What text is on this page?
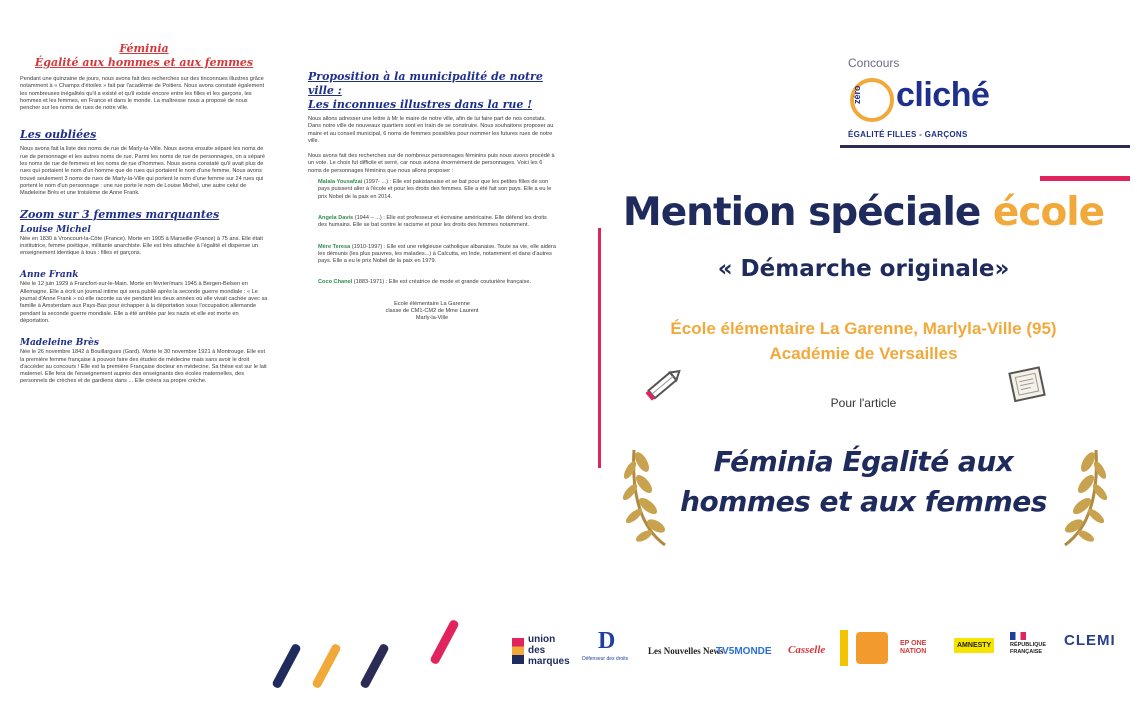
Féminia
Égalité aux hommes et aux femmes

Pendant une quinzaine de jours, nous avons fait des recherches sur des tinconnues illustres grâce notamment à « Champs d'étoiles » fait par l'académie de Poitiers. Nous avons constaté également les nombreuses inégalités qu'il a existé et qu'il existe encore entre les filles et les garçons, les hommes et les femmes, en France et dans le monde. La maîtresse nous a proposé de nous pencher sur les noms de rues de notre ville.

Les oubliées

Nous avons fait la liste des noms de rue de Marly-la-Ville. Nous avons ensuite séparé les noms de rue de personnage et les autres noms de rue. Parmi les noms de rue de personnages, on a séparé les noms de rue de femmes et les noms de rue d'hommes. Nous avons constaté qu'il avait plus de rues qui portaient le nom d'un homme que de rues qui portaient le nom d'une femme. Nous avons trouvé seulement 3 noms de rues de Marly-la-Ville qui portent le nom d'une femme sur 24 rues qui portent le nom d'un personnage : une rue porte le nom de Louise Michel, une autre celui de Madeleine Brès et une troisième de Anne Frank.

Zoom sur 3 femmes marquantes
Louise Michel

Née en 1830 à Vroncourt-la-Côte (France). Morte en 1905 à Marseille (France) à 75 ans. Elle était institutrice, femme poétique, militante anarchiste. Elle est très attachée à l'égalité et dispense un enseignement identique à tous : filles et garçons.

Anne Frank

Née le 12 juin 1929 à Francfort-sur-le-Main. Morte en février/mars 1945 à Bergen-Belsen en Allemagne. Elle a écrit un journal intime qui sera publié après la seconde guerre mondiale : « Le journal d'Anne Frank » où elle raconte sa vie pendant les deux années où elle vivait cachée avec sa famille à Amsterdam aux Pays-Bas pour échapper à la déportation sous l'occupation allemande pendant la seconde guerre mondiale. Elle a été arrêtée par les nazis et elle est morte en déportation.

Madeleine Brès

Née le 26 novembre 1842 à Bouillargues (Gard). Morte le 30 novembre 1921 à Montrouge. Elle est la première femme française à pouvoir faire des études de médecine mais sans avoir le droit d'accéder au concours ! Elle est la première Française docteur en médecine. Sa thèse est sur le lait maternel. Elle fera de l'enseignement auprès des enseignants des écoles maternelles, des personnels de crèches et de gardiens dans ... Elle créera sa propre crèche.

Proposition à la municipalité de notre ville :
Les inconnues illustres dans la rue !

Nous allons adresser une lettre à Mr le maire de notre ville, afin de lui faire part de nos constats. Dans notre ville de nouveaux quartiers sont en train de se construire. Nous souhaitons proposer au maire et au conseil municipal, 6 noms de femmes possibles pour nommer les futures rues de notre ville.

Nous avons fait des recherches sur de nombreux personnages féminins puis nous avons procédé à un vote. Le choix fut difficile et serré, car nous avions énormément de personnages. Voici les 6 noms de personnages féminins que nous allons proposer :

Malala Yousafzai (1997- ...) : Elle est pakistanaise et se bat pour que les petites filles de son pays puissent aller à l'école et pour les droits des femmes. Elle a été fait son pays. Elle a eu le prix Nobel de la paix en 2014.
Angela Davis (1944 – ...) : Elle est professeur et écrivaine américaine. Elle défend les droits des humains. Elle se bat contre le racisme et pour les droits des femmes notamment.
Mère Teresa (1910-1997) : Elle est une religieuse catholique albanaise. Toute sa vie, elle aidera les démunis (les plus pauvres, les malades...) à Calcutta, en Inde, notamment et dans d'autres pays. Elle a eu le prix Nobel de la paix en 1979.
Coco Chanel (1883-1971) : Elle est créatrice de mode et grande couturière française.
Ecole élémentaire La Garenne
classe de CM1-CM2 de Mme Laurent
Marly-la-Ville
Concours
zéro cliché
ÉGALITÉ FILLES - GARÇONS
Mention spéciale école
« Démarche originale»
École élémentaire La Garenne, Marlyla-Ville (95)
Académie de Versailles
Pour l'article
Féminia Égalité aux
hommes et aux femmes
union
des
marques
D
Défenseur des droits
Les Nouvelles News
TV5MONDE Casselle
EP ONE NATION
AMNESTY	RÉPUBLIQUE
FRANÇAISE
CLEMI
